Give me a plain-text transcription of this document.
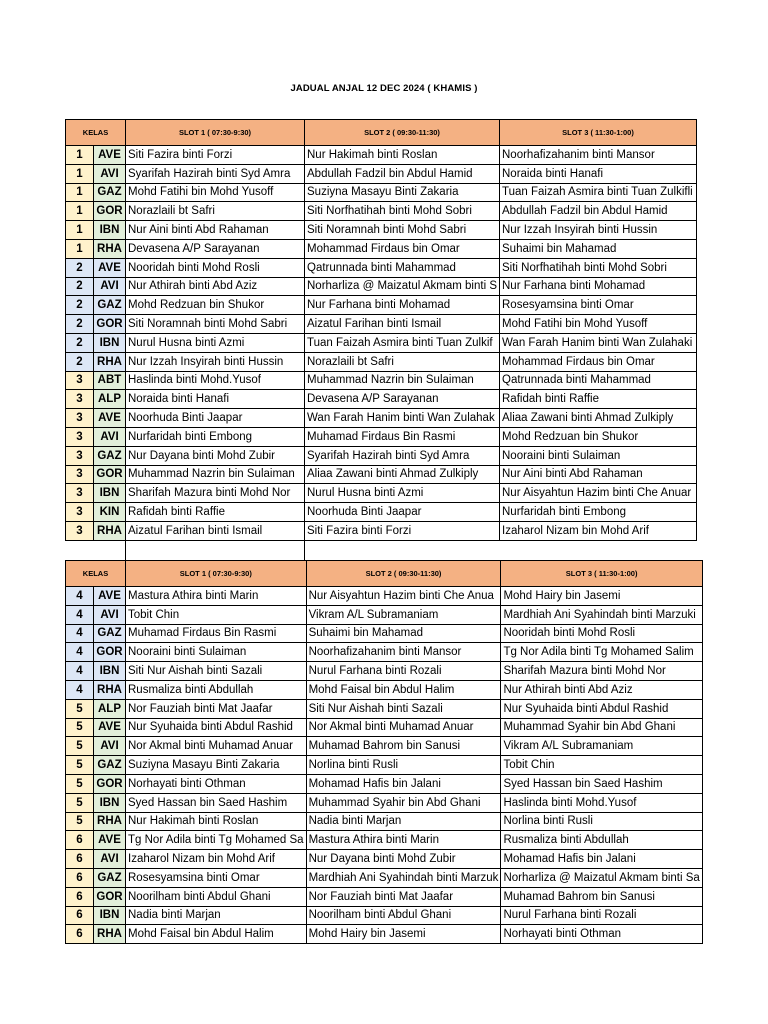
JADUAL ANJAL 12 DEC 2024 ( KHAMIS )
KELAS		SLOT 1 ( 07:30-9:30)	SLOT 2 ( 09:30-11:30)	SLOT 3 ( 11:30-1:00)
1	AVE	Siti Fazira binti Forzi	Nur Hakimah binti Roslan	Noorhafizahanim binti Mansor
1	AVI	Syarifah Hazirah binti Syd Amra	Abdullah Fadzil bin Abdul Hamid	Noraida binti Hanafi
1	GAZ	Mohd Fatihi bin Mohd Yusoff	Suziyna Masayu Binti Zakaria	Tuan Faizah Asmira binti Tuan Zulkifli
1	GOR	Norazlaili bt Safri	Siti Norfhatihah binti Mohd Sobri	Abdullah Fadzil bin Abdul Hamid
1	IBN	Nur Aini binti Abd Rahaman	Siti Noramnah binti Mohd Sabri	Nur Izzah Insyirah binti Hussin
1	RHA	Devasena A/P Sarayanan	Mohammad Firdaus bin Omar	Suhaimi bin Mahamad
2	AVE	Nooridah binti Mohd Rosli	Qatrunnada binti Mahammad	Siti Norfhatihah binti Mohd Sobri
2	AVI	Nur Athirah binti Abd Aziz	Norharliza @ Maizatul Akmam binti S	Nur Farhana binti Mohamad
2	GAZ	Mohd Redzuan bin Shukor	Nur Farhana binti Mohamad	Rosesyamsina binti Omar
2	GOR	Siti Noramnah binti Mohd Sabri	Aizatul Farihan binti Ismail	Mohd Fatihi bin Mohd Yusoff
2	IBN	Nurul Husna binti Azmi	Tuan Faizah Asmira binti Tuan Zulkif	Wan Farah Hanim binti Wan Zulahaki
2	RHA	Nur Izzah Insyirah binti Hussin	Norazlaili bt Safri	Mohammad Firdaus bin Omar
3	ABT	Haslinda binti Mohd.Yusof	Muhammad Nazrin bin Sulaiman	Qatrunnada binti Mahammad
3	ALP	Noraida binti Hanafi	Devasena A/P Sarayanan	Rafidah binti Raffie
3	AVE	Noorhuda Binti Jaapar	Wan Farah Hanim binti Wan Zulahak	Aliaa Zawani binti Ahmad Zulkiply
3	AVI	Nurfaridah binti Embong	Muhamad Firdaus Bin Rasmi	Mohd Redzuan bin Shukor
3	GAZ	Nur Dayana binti Mohd Zubir	Syarifah Hazirah binti Syd Amra	Nooraini binti Sulaiman
3	GOR	Muhammad Nazrin bin Sulaiman	Aliaa Zawani binti Ahmad Zulkiply	Nur Aini binti Abd Rahaman
3	IBN	Sharifah Mazura binti Mohd Nor	Nurul Husna binti Azmi	Nur Aisyahtun Hazim binti Che Anuar
3	KIN	Rafidah binti Raffie	Noorhuda Binti Jaapar	Nurfaridah binti Embong
3	RHA	Aizatul Farihan binti Ismail	Siti Fazira binti Forzi	Izaharol Nizam bin Mohd Arif
KELAS		SLOT 1 ( 07:30-9:30)	SLOT 2 ( 09:30-11:30)	SLOT 3 ( 11:30-1:00)
4	AVE	Mastura Athira binti Marin	Nur Aisyahtun Hazim binti Che Anua	Mohd Hairy bin Jasemi
4	AVI	Tobit Chin	Vikram A/L Subramaniam	Mardhiah Ani Syahindah binti Marzuki
4	GAZ	Muhamad Firdaus Bin Rasmi	Suhaimi bin Mahamad	Nooridah binti Mohd Rosli
4	GOR	Nooraini binti Sulaiman	Noorhafizahanim binti Mansor	Tg Nor Adila binti Tg Mohamed Salim
4	IBN	Siti Nur Aishah binti Sazali	Nurul Farhana binti Rozali	Sharifah Mazura binti Mohd Nor
4	RHA	Rusmaliza binti Abdullah	Mohd Faisal bin Abdul Halim	Nur Athirah binti Abd Aziz
5	ALP	Nor Fauziah binti Mat Jaafar	Siti Nur Aishah binti Sazali	Nur Syuhaida binti Abdul Rashid
5	AVE	Nur Syuhaida binti Abdul Rashid	Nor Akmal binti Muhamad Anuar	Muhammad Syahir bin Abd Ghani
5	AVI	Nor Akmal binti Muhamad Anuar	Muhamad Bahrom bin Sanusi	Vikram A/L Subramaniam
5	GAZ	Suziyna Masayu Binti Zakaria	Norlina binti Rusli	Tobit Chin
5	GOR	Norhayati binti Othman	Mohamad Hafis bin Jalani	Syed Hassan bin Saed Hashim
5	IBN	Syed Hassan bin Saed Hashim	Muhammad Syahir bin Abd Ghani	Haslinda binti Mohd.Yusof
5	RHA	Nur Hakimah binti Roslan	Nadia binti Marjan	Norlina binti Rusli
6	AVE	Tg Nor Adila binti Tg Mohamed Sa	Mastura Athira binti Marin	Rusmaliza binti Abdullah
6	AVI	Izaharol Nizam bin Mohd Arif	Nur Dayana binti Mohd Zubir	Mohamad Hafis bin Jalani
6	GAZ	Rosesyamsina binti Omar	Mardhiah Ani Syahindah binti Marzuk	Norharliza @ Maizatul Akmam binti Sa
6	GOR	Noorilham binti Abdul Ghani	Nor Fauziah binti Mat Jaafar	Muhamad Bahrom bin Sanusi
6	IBN	Nadia binti Marjan	Noorilham binti Abdul Ghani	Nurul Farhana binti Rozali
6	RHA	Mohd Faisal bin Abdul Halim	Mohd Hairy bin Jasemi	Norhayati binti Othman
